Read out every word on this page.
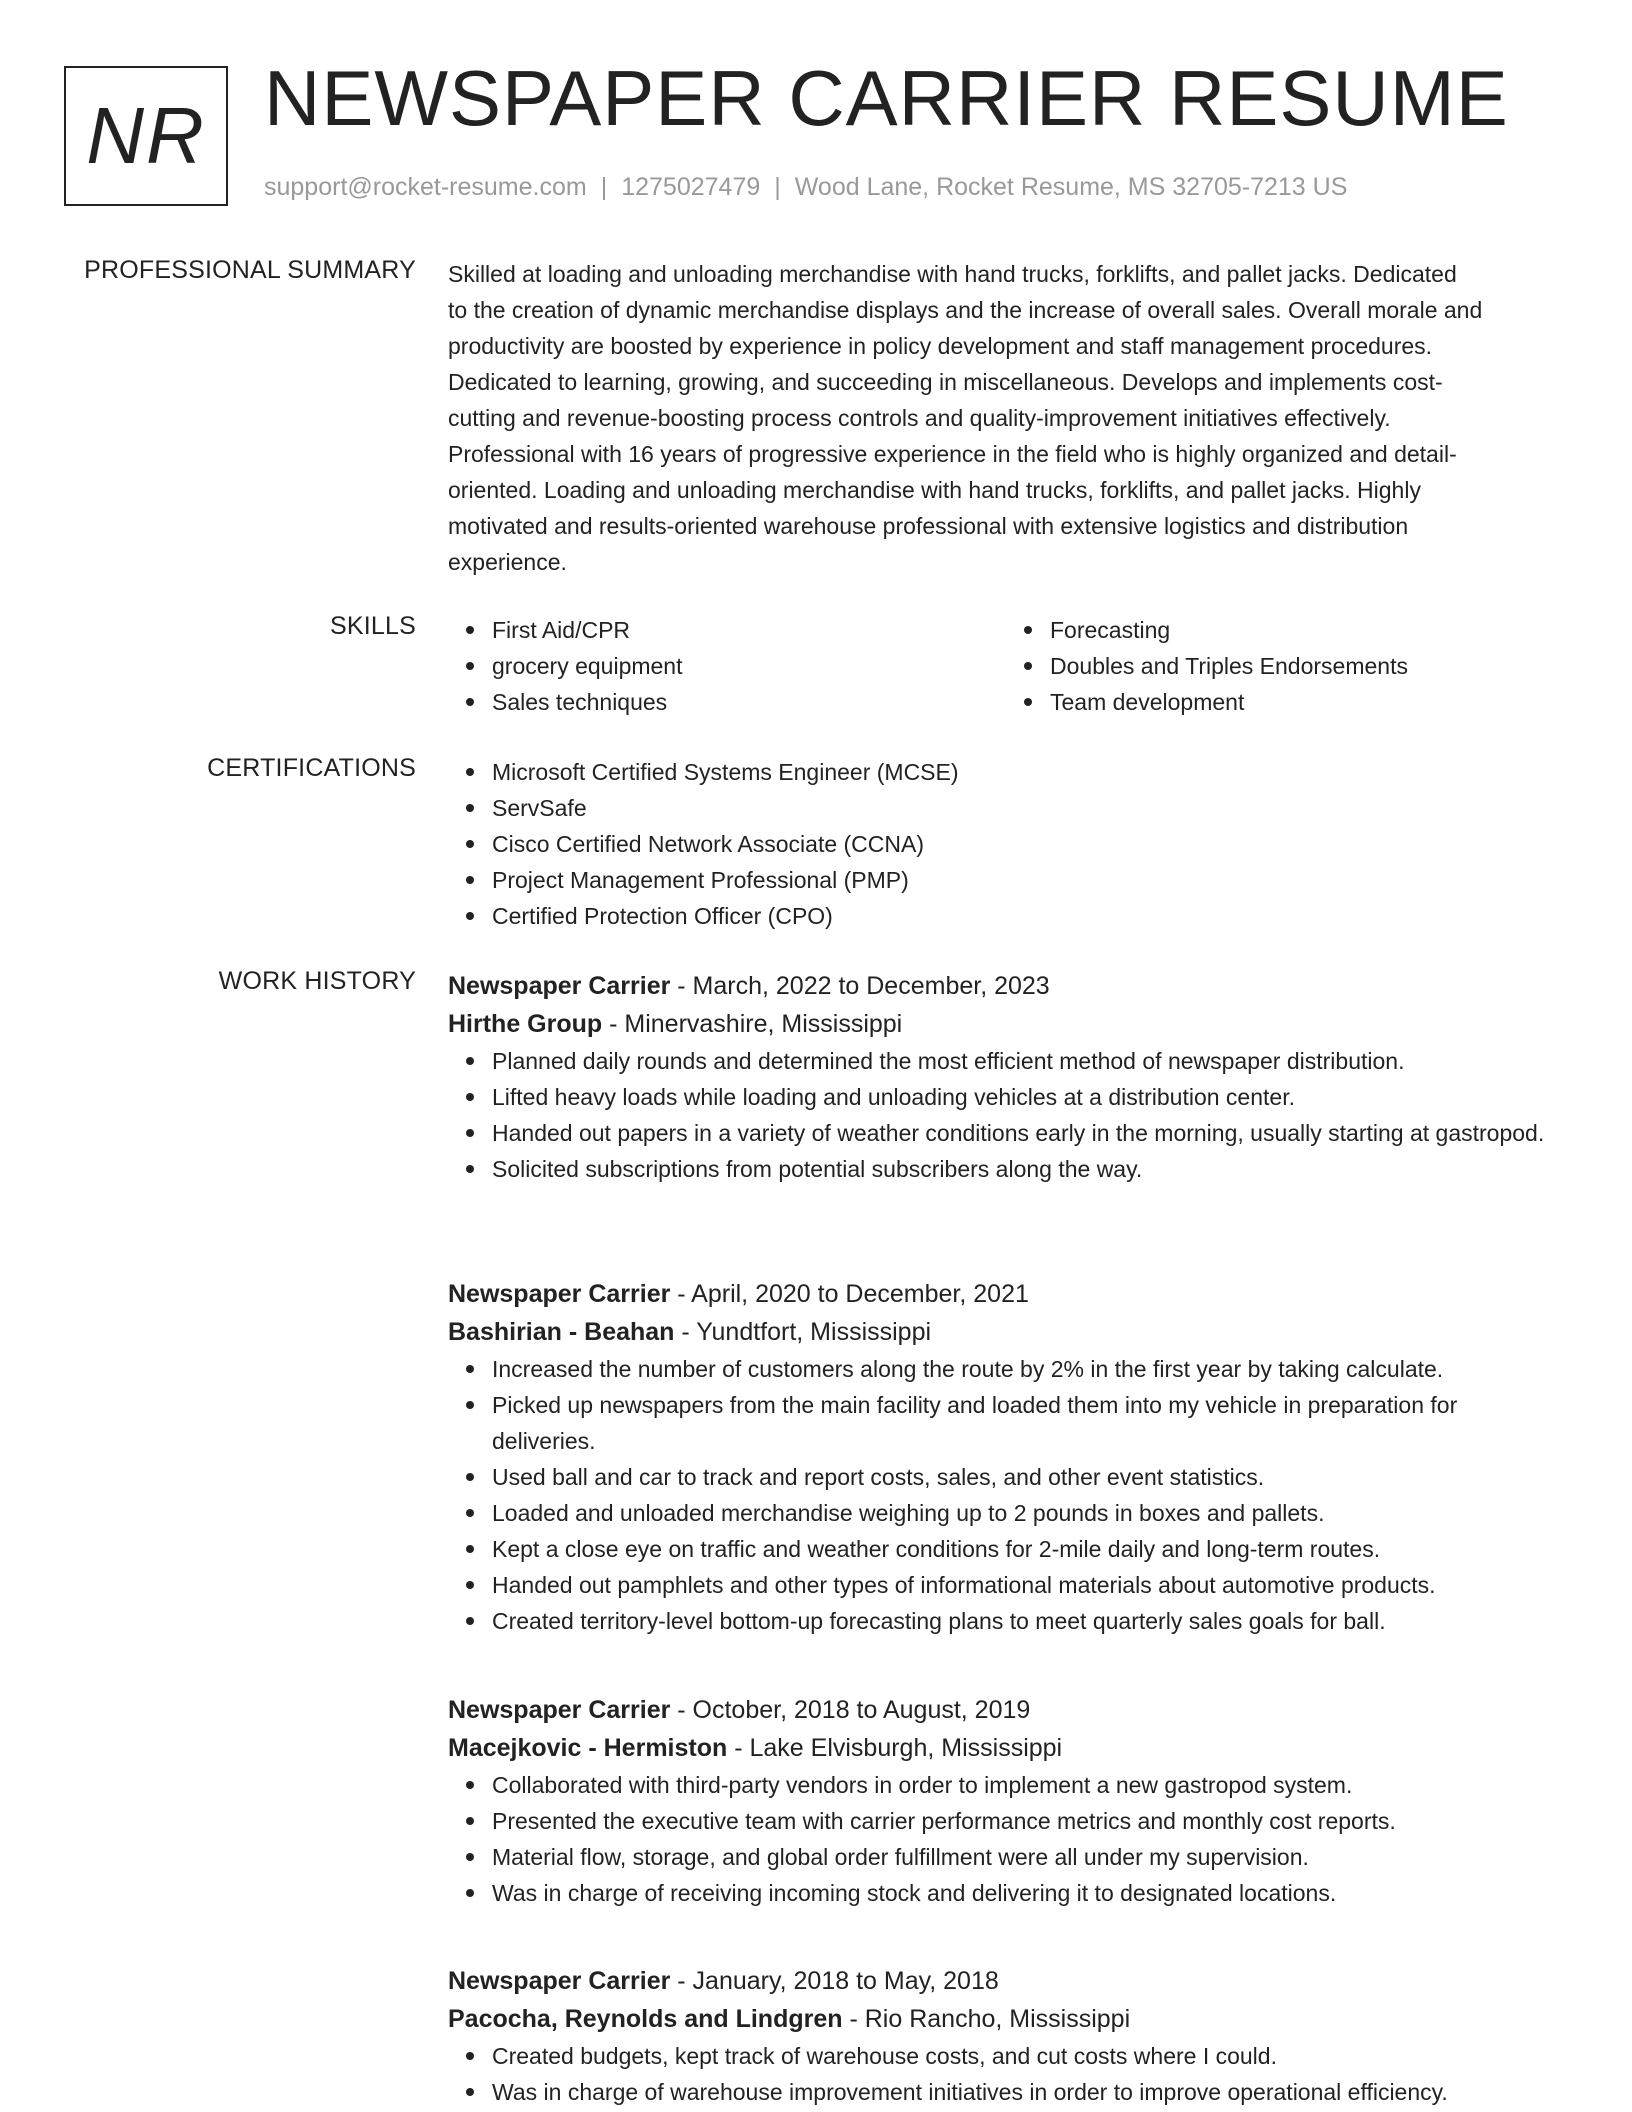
NR NEWSPAPER CARRIER RESUME
support@rocket-resume.com | 1275027479 | Wood Lane, Rocket Resume, MS 32705-7213 US
PROFESSIONAL SUMMARY Skilled at loading and unloading merchandise with hand trucks, forklifts, and pallet jacks. Dedicated
to the creation of dynamic merchandise displays and the increase of overall sales. Overall morale and
productivity are boosted by experience in policy development and staff management procedures.
Dedicated to learning, growing, and succeeding in miscellaneous. Develops and implements cost-
cutting and revenue-boosting process controls and quality-improvement initiatives effectively.
Professional with 16 years of progressive experience in the field who is highly organized and detail-
oriented. Loading and unloading merchandise with hand trucks, forklifts, and pallet jacks. Highly
motivated and results-oriented warehouse professional with extensive logistics and distribution
experience.

SKILLS	First Aid/CPR
grocery equipment
Sales techniques
Forecasting
Doubles and Triples Endorsements
Team development
CERTIFICATIONS	Microsoft Certified Systems Engineer (MCSE)
ServSafe
Cisco Certified Network Associate (CCNA)
Project Management Professional (PMP)
Certified Protection Officer (CPO)
WORK HISTORY Newspaper Carrier - March, 2022 to December, 2023
Hirthe Group - Minervashire, Mississippi
Planned daily rounds and determined the most efficient method of newspaper distribution.
Lifted heavy loads while loading and unloading vehicles at a distribution center.
Handed out papers in a variety of weather conditions early in the morning, usually starting at gastropod.
Solicited subscriptions from potential subscribers along the way.
Newspaper Carrier - April, 2020 to December, 2021
Bashirian - Beahan - Yundtfort, Mississippi
Increased the number of customers along the route by 2% in the first year by taking calculate.
Picked up newspapers from the main facility and loaded them into my vehicle in preparation for deliveries.
Used ball and car to track and report costs, sales, and other event statistics.
Loaded and unloaded merchandise weighing up to 2 pounds in boxes and pallets.
Kept a close eye on traffic and weather conditions for 2-mile daily and long-term routes.
Handed out pamphlets and other types of informational materials about automotive products.
Created territory-level bottom-up forecasting plans to meet quarterly sales goals for ball.
Newspaper Carrier - October, 2018 to August, 2019
Macejkovic - Hermiston - Lake Elvisburgh, Mississippi
Collaborated with third-party vendors in order to implement a new gastropod system.
Presented the executive team with carrier performance metrics and monthly cost reports.
Material flow, storage, and global order fulfillment were all under my supervision.
Was in charge of receiving incoming stock and delivering it to designated locations.
Newspaper Carrier - January, 2018 to May, 2018
Pacocha, Reynolds and Lindgren - Rio Rancho, Mississippi
Created budgets, kept track of warehouse costs, and cut costs where I could.
Was in charge of warehouse improvement initiatives in order to improve operational efficiency.
